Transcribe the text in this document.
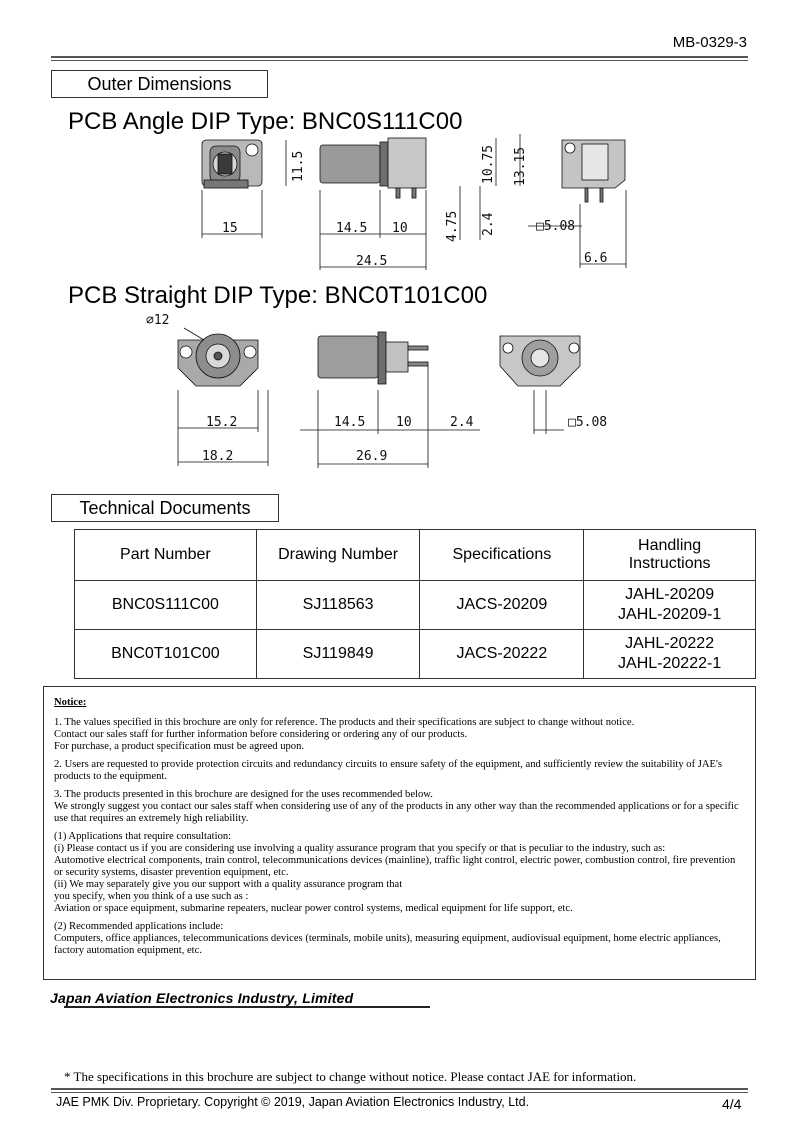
MB-0329-3
Outer Dimensions
PCB Angle DIP Type: BNC0S111C00
15
11.5
14.5 10
24.5
4.75 2.4
10.75 13.15
□5.08
6.6
PCB Straight DIP Type: BNC0T101C00
∅12
15.2
18.2
14.5 10	2.4
26.9
□5.08
Technical Documents
Part Number	Drawing Number	Specifications	Handling
Instructions
BNC0S111C00	SJ118563	JACS-20209	JAHL-20209
JAHL-20209-1
BNC0T101C00	SJ119849	JACS-20222	JAHL-20222
JAHL-20222-1
Notice:

1. The values specified in this brochure are only for reference. The products and their specifications are subject to change without notice.
Contact our sales staff for further information before considering or ordering any of our products.
For purchase, a product specification must be agreed upon.

2. Users are requested to provide protection circuits and redundancy circuits to ensure safety of the equipment, and sufficiently review the suitability of JAE's products to the equipment.

3. The products presented in this brochure are designed for the uses recommended below.
We strongly suggest you contact our sales staff when considering use of any of the products in any other way than the recommended applications or for a specific use that requires an extremely high reliability.

(1) Applications that require consultation:
(i) Please contact us if you are considering use involving a quality assurance program that you specify or that is peculiar to the industry, such as:
Automotive electrical components, train control, telecommunications devices (mainline), traffic light control, electric power, combustion control, fire prevention or security systems, disaster prevention equipment, etc.
(ii) We may separately give you our support with a quality assurance program that
you specify, when you think of a use such as :
Aviation or space equipment, submarine repeaters, nuclear power control systems, medical equipment for life support, etc.

(2) Recommended applications include:
Computers, office appliances, telecommunications devices (terminals, mobile units), measuring equipment, audiovisual equipment, home electric appliances, factory automation equipment, etc.

Japan Aviation Electronics Industry, Limited
* The specifications in this brochure are subject to change without notice. Please contact JAE for information.
JAE PMK Div. Proprietary. Copyright © 2019, Japan Aviation Electronics Industry, Ltd.	4/4
